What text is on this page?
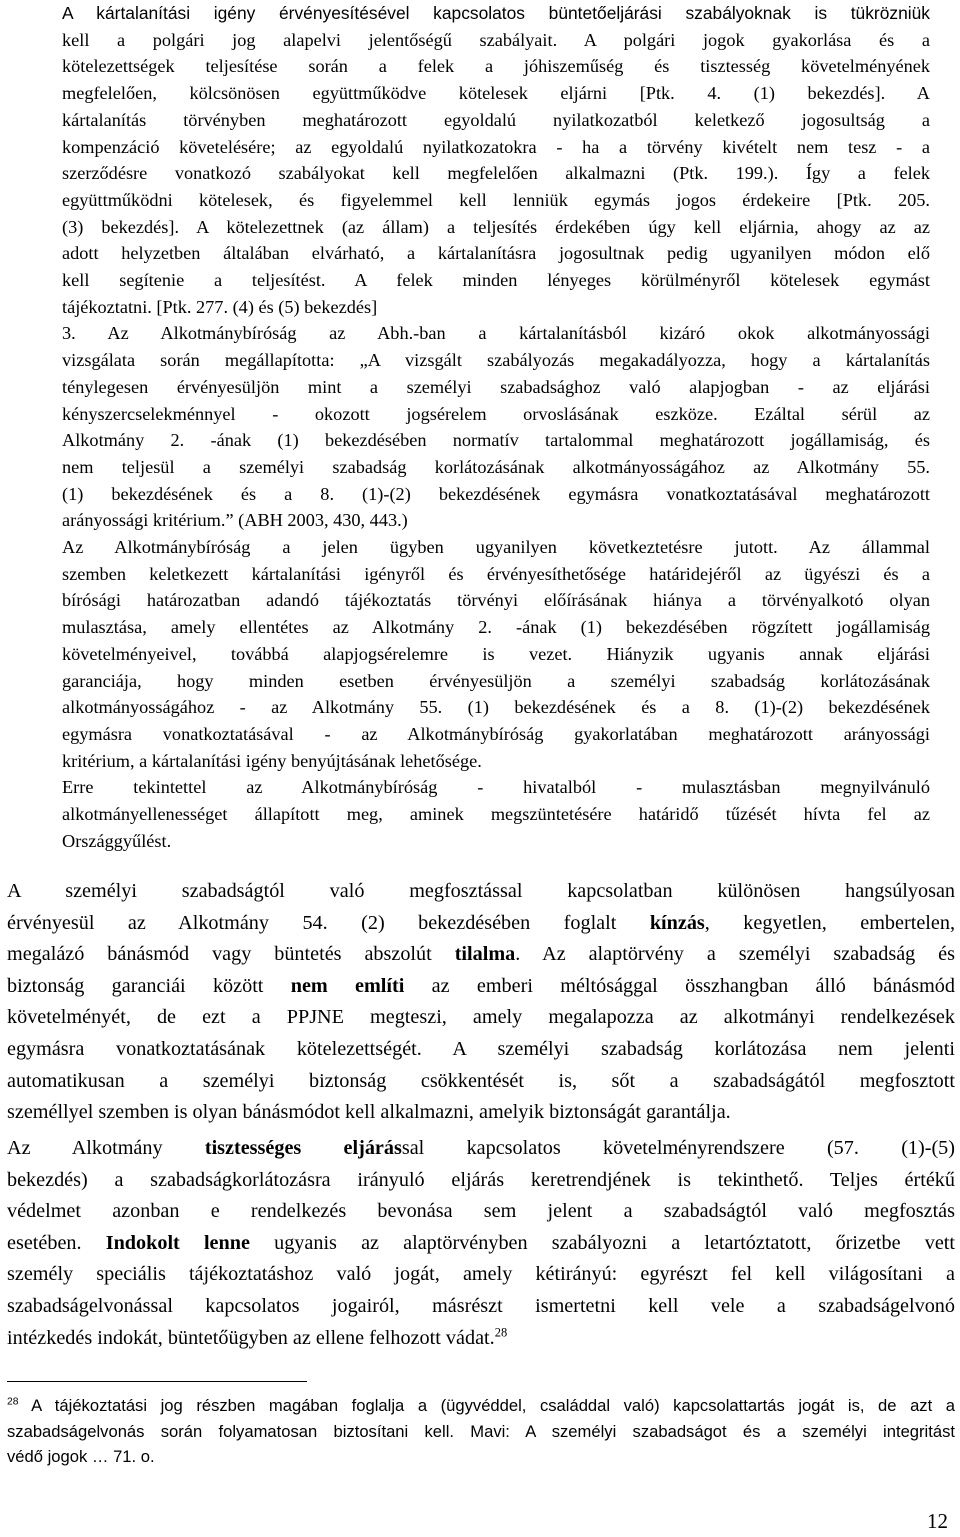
A kártalanítási igény érvényesítésével kapcsolatos büntetőeljárási szabályoknak is tükrözniük
kell a polgári jog alapelvi jelentőségű szabályait. A polgári jogok gyakorlása és a
kötelezettségek teljesítése során a felek a jóhiszeműség és tisztesség követelményének
megfelelően, kölcsönösen együttműködve kötelesek eljárni [Ptk. 4. (1) bekezdés]. A
kártalanítás törvényben meghatározott egyoldalú nyilatkozatból keletkező jogosultság a
kompenzáció követelésére; az egyoldalú nyilatkozatokra - ha a törvény kivételt nem tesz - a
szerződésre vonatkozó szabályokat kell megfelelően alkalmazni (Ptk. 199.). Így a felek
együttműködni kötelesek, és figyelemmel kell lenniük egymás jogos érdekeire [Ptk. 205.
(3) bekezdés]. A kötelezettnek (az állam) a teljesítés érdekében úgy kell eljárnia, ahogy az az
adott helyzetben általában elvárható, a kártalanításra jogosultnak pedig ugyanilyen módon elő
kell segítenie a teljesítést. A felek minden lényeges körülményről kötelesek egymást
tájékoztatni. [Ptk. 277. (4) és (5) bekezdés]
3. Az Alkotmánybíróság az Abh.-ban a kártalanításból kizáró okok alkotmányossági
vizsgálata során megállapította: „A vizsgált szabályozás megakadályozza, hogy a kártalanítás
ténylegesen érvényesüljön mint a személyi szabadsághoz való alapjogban - az eljárási
kényszercselekménnyel - okozott jogsérelem orvoslásának eszköze. Ezáltal sérül az
Alkotmány 2. -ának (1) bekezdésében normatív tartalommal meghatározott jogállamiság, és
nem teljesül a személyi szabadság korlátozásának alkotmányosságához az Alkotmány 55.
(1) bekezdésének és a 8. (1)-(2) bekezdésének egymásra vonatkoztatásával meghatározott
arányossági kritérium.” (ABH 2003, 430, 443.)
Az Alkotmánybíróság a jelen ügyben ugyanilyen következtetésre jutott. Az állammal
szemben keletkezett kártalanítási igényről és érvényesíthetősége határidejéről az ügyészi és a
bírósági határozatban adandó tájékoztatás törvényi előírásának hiánya a törvényalkotó olyan
mulasztása, amely ellentétes az Alkotmány 2. -ának (1) bekezdésében rögzített jogállamiság
követelményeivel, továbbá alapjogsérelemre is vezet. Hiányzik ugyanis annak eljárási
garanciája, hogy minden esetben érvényesüljön a személyi szabadság korlátozásának
alkotmányosságához - az Alkotmány 55. (1) bekezdésének és a 8. (1)-(2) bekezdésének
egymásra vonatkoztatásával - az Alkotmánybíróság gyakorlatában meghatározott arányossági
kritérium, a kártalanítási igény benyújtásának lehetősége.
Erre tekintettel az Alkotmánybíróság - hivatalból - mulasztásban megnyilvánuló
alkotmányellenességet állapított meg, aminek megszüntetésére határidő tűzését hívta fel az
Országgyűlést.
A személyi szabadságtól való megfosztással kapcsolatban különösen hangsúlyosan
érvényesül az Alkotmány 54. (2) bekezdésében foglalt kínzás, kegyetlen, embertelen,
megalázó bánásmód vagy büntetés abszolút tilalma. Az alaptörvény a személyi szabadság és
biztonság garanciái között nem említi az emberi méltósággal összhangban álló bánásmód
követelményét, de ezt a PPJNE megteszi, amely megalapozza az alkotmányi rendelkezések
egymásra vonatkoztatásának kötelezettségét. A személyi szabadság korlátozása nem jelenti
automatikusan a személyi biztonság csökkentését is, sőt a szabadságától megfosztott
személlyel szemben is olyan bánásmódot kell alkalmazni, amelyik biztonságát garantálja.
Az Alkotmány tisztességes eljárással kapcsolatos követelményrendszere (57. (1)-(5)
bekezdés) a szabadságkorlátozásra irányuló eljárás keretrendjének is tekinthető. Teljes értékű
védelmet azonban e rendelkezés bevonása sem jelent a szabadságtól való megfosztás
esetében. Indokolt lenne ugyanis az alaptörvényben szabályozni a letartóztatott, őrizetbe vett
személy speciális tájékoztatáshoz való jogát, amely kétirányú: egyrészt fel kell világosítani a
szabadságelvonással kapcsolatos jogairól, másrészt ismertetni kell vele a szabadságelvonó
intézkedés indokát, büntetőügyben az ellene felhozott vádat.$^{28}$
$^{28}$ A tájékoztatási jog részben magában foglalja a (ügyvéddel, családdal való) kapcsolattartás jogát is, de azt a
szabadságelvonás során folyamatosan biztosítani kell. Mavi: A személyi szabadságot és a személyi integritást
védő jogok … 71. o.
12
